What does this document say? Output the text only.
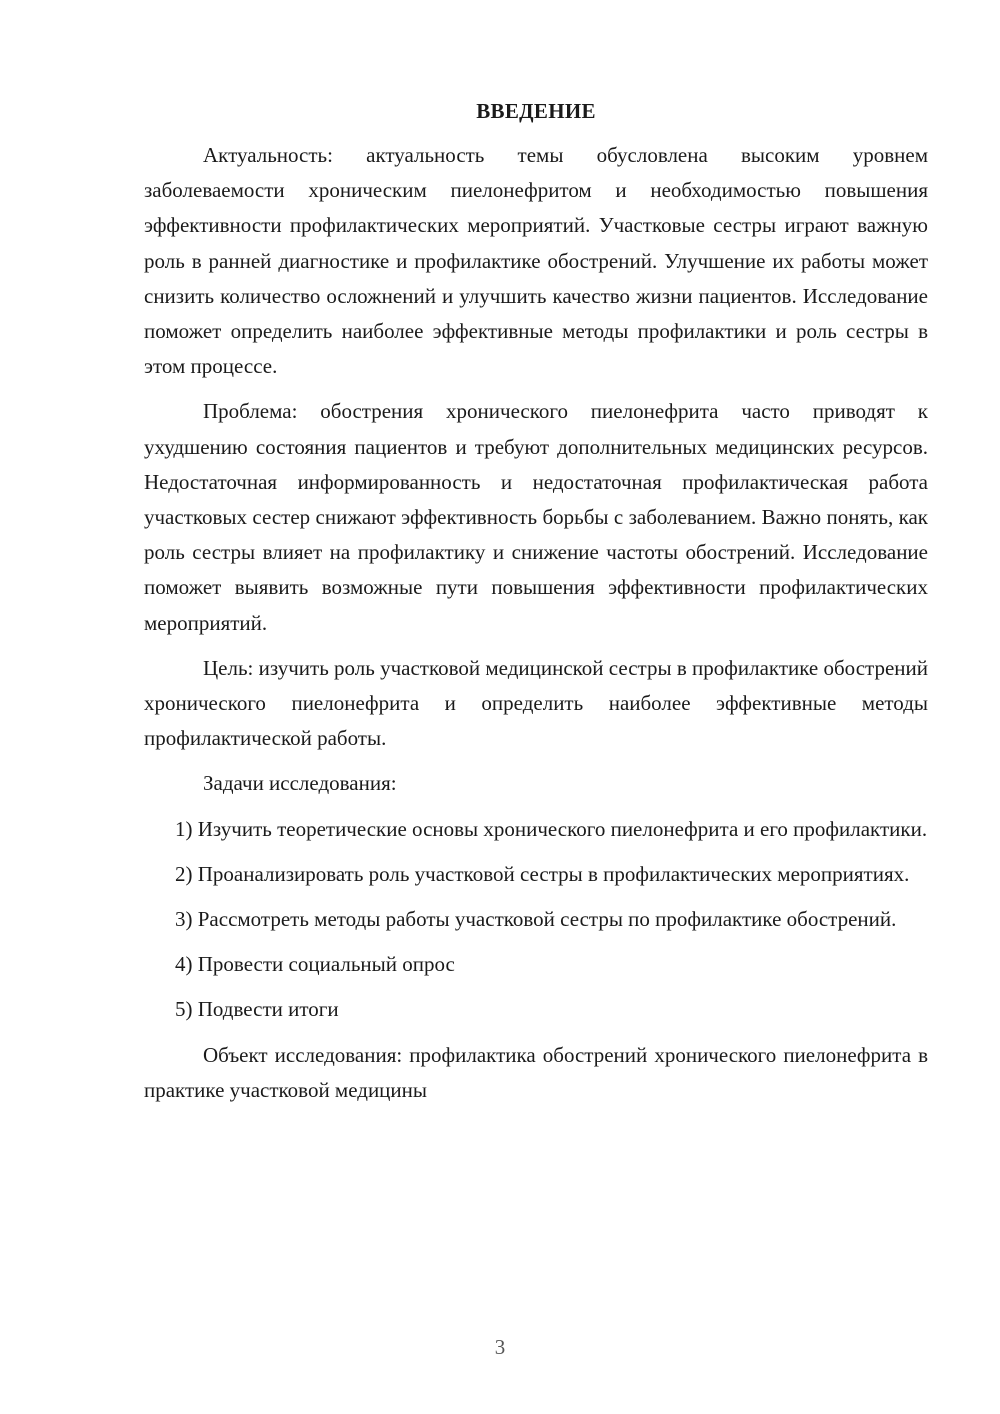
ВВЕДЕНИЕ

Актуальность: актуальность темы обусловлена высоким уровнем заболеваемости хроническим пиелонефритом и необходимостью повышения эффективности профилактических мероприятий. Участковые сестры играют важную роль в ранней диагностике и профилактике обострений. Улучшение их работы может снизить количество осложнений и улучшить качество жизни пациентов. Исследование поможет определить наиболее эффективные методы профилактики и роль сестры в этом процессе.

Проблема: обострения хронического пиелонефрита часто приводят к ухудшению состояния пациентов и требуют дополнительных медицинских ресурсов. Недостаточная информированность и недостаточная профилактическая работа участковых сестер снижают эффективность борьбы с заболеванием. Важно понять, как роль сестры влияет на профилактику и снижение частоты обострений. Исследование поможет выявить возможные пути повышения эффективности профилактических мероприятий.

Цель: изучить роль участковой медицинской сестры в профилактике обострений хронического пиелонефрита и определить наиболее эффективные методы профилактической работы.

Задачи исследования:

1) Изучить теоретические основы хронического пиелонефрита и его профилактики.

2) Проанализировать роль участковой сестры в профилактических мероприятиях.

3) Рассмотреть методы работы участковой сестры по профилактике обострений.

4) Провести социальный опрос

5) Подвести итоги

Объект исследования: профилактика обострений хронического пиелонефрита в практике участковой медицины

3
